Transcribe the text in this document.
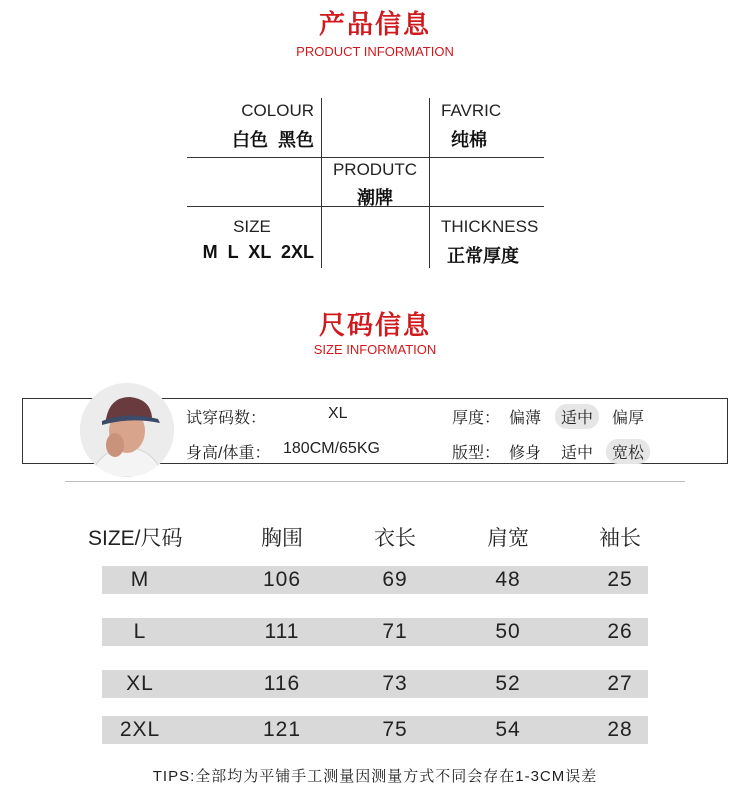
产品信息
PRODUCT INFORMATION
COLOUR
白色  黑色
FAVRIC
纯棉
PRODUTC
潮牌
SIZE
M  L  XL  2XL
THICKNESS
正常厚度
尺码信息
SIZE INFORMATION
试穿码数：	XL
身高/体重： 180CM/65KG
厚度： 偏薄	适中	偏厚
版型： 修身 适中	宽松
SIZE/尺码	胸围	衣长	肩宽	袖长
M	106	69	48	25
L	111	71	50	26
XL	116	73	52	27
2XL	121	75	54	28
TIPS:全部均为平铺手工测量因测量方式不同会存在1-3CM误差
